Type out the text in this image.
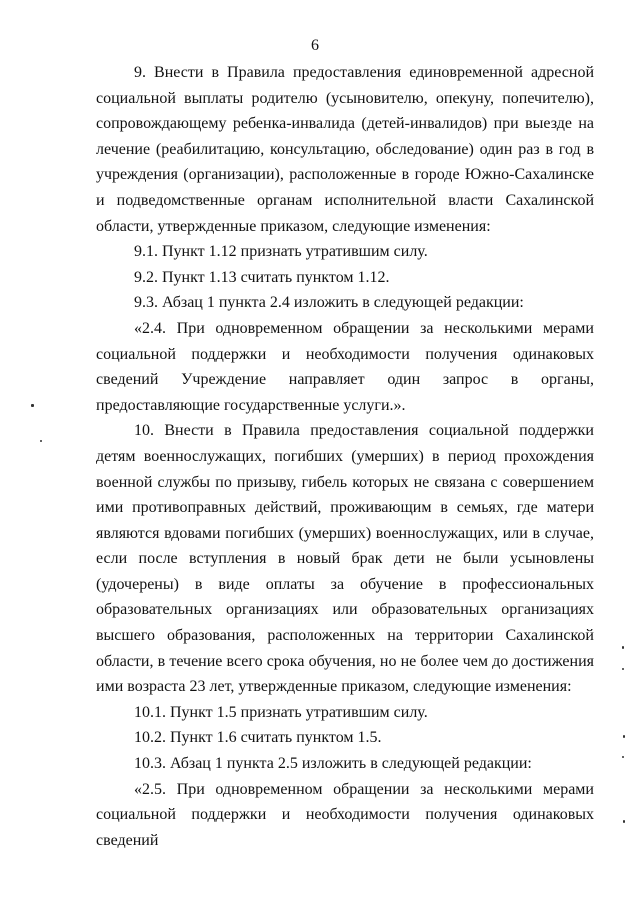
6

9. Внести в Правила предоставления единовременной адресной социальной выплаты родителю (усыновителю, опекуну, попечителю), сопровождающему ребенка-инвалида (детей-инвалидов) при выезде на лечение (реабилитацию, консультацию, обследование) один раз в год в учреждения (организации), расположенные в городе Южно-Сахалинске и подведомственные органам исполнительной власти Сахалинской области, утвержденные приказом, следующие изменения:

9.1. Пункт 1.12 признать утратившим силу.

9.2. Пункт 1.13 считать пунктом 1.12.

9.3. Абзац 1 пункта 2.4 изложить в следующей редакции:

«2.4. При одновременном обращении за несколькими мерами социальной поддержки и необходимости получения одинаковых сведений Учреждение направляет один запрос в органы, предоставляющие государственные услуги.».

10. Внести в Правила предоставления социальной поддержки детям военнослужащих, погибших (умерших) в период прохождения военной службы по призыву, гибель которых не связана с совершением ими противоправных действий, проживающим в семьях, где матери являются вдовами погибших (умерших) военнослужащих, или в случае, если после вступления в новый брак дети не были усыновлены (удочерены) в виде оплаты за обучение в профессиональных образовательных организациях или образовательных организациях высшего образования, расположенных на территории Сахалинской области, в течение всего срока обучения, но не более чем до достижения ими возраста 23 лет, утвержденные приказом, следующие изменения:

10.1. Пункт 1.5 признать утратившим силу.

10.2. Пункт 1.6 считать пунктом 1.5.

10.3. Абзац 1 пункта 2.5 изложить в следующей редакции:

«2.5. При одновременном обращении за несколькими мерами социальной поддержки и необходимости получения одинаковых сведений
